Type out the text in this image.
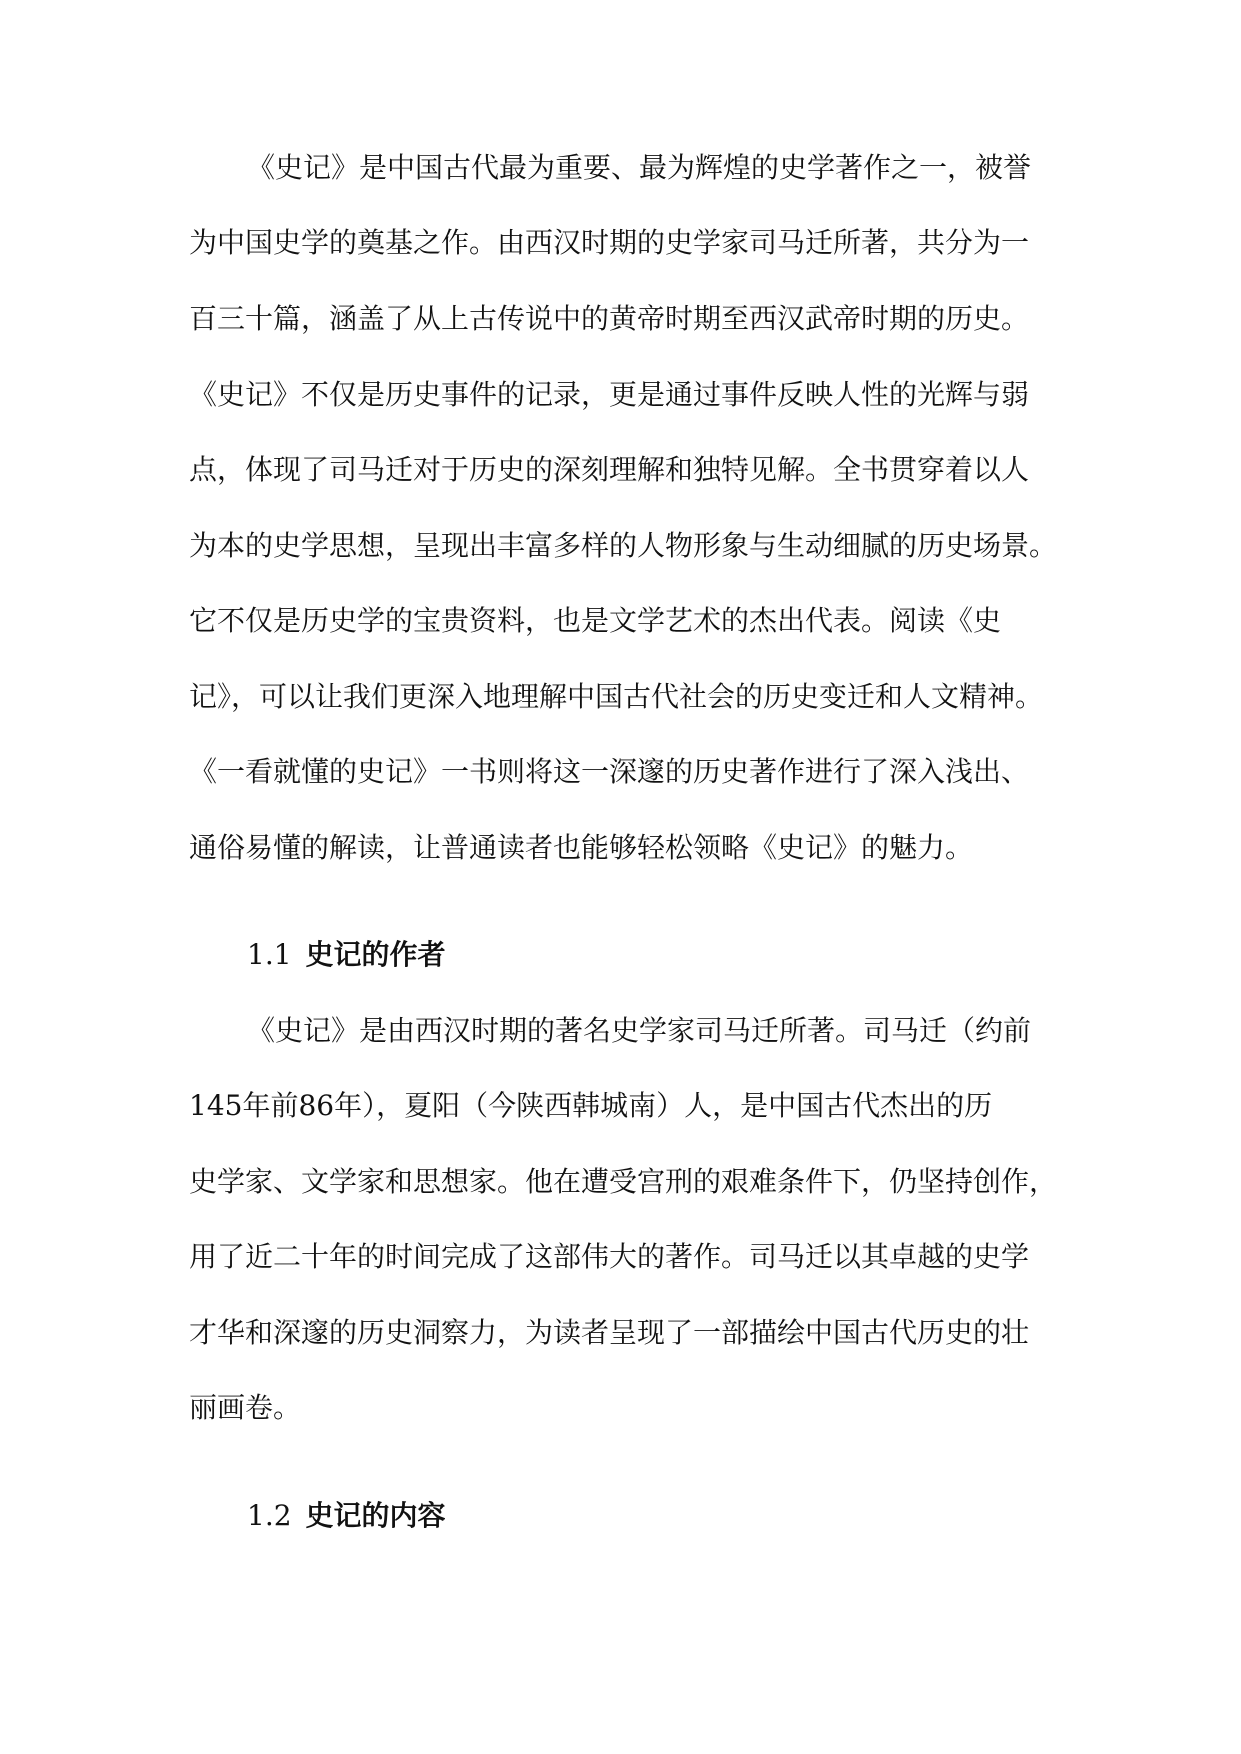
《史记》是中国古代最为重要、最为辉煌的史学著作之一，被誉
为中国史学的奠基之作。由西汉时期的史学家司马迁所著，共分为一
百三十篇，涵盖了从上古传说中的黄帝时期至西汉武帝时期的历史。
《史记》不仅是历史事件的记录，更是通过事件反映人性的光辉与弱
点，体现了司马迁对于历史的深刻理解和独特见解。全书贯穿着以人
为本的史学思想，呈现出丰富多样的人物形象与生动细腻的历史场景。
它不仅是历史学的宝贵资料，也是文学艺术的杰出代表。阅读《史
记》，可以让我们更深入地理解中国古代社会的历史变迁和人文精神。
《一看就懂的史记》一书则将这一深邃的历史著作进行了深入浅出、
通俗易懂的解读，让普通读者也能够轻松领略《史记》的魅力。
1.1 史记的作者
《史记》是由西汉时期的著名史学家司马迁所著。司马迁（约前
145年前86年），夏阳（今陕西韩城南）人，是中国古代杰出的历
史学家、文学家和思想家。他在遭受宫刑的艰难条件下，仍坚持创作，
用了近二十年的时间完成了这部伟大的著作。司马迁以其卓越的史学
才华和深邃的历史洞察力，为读者呈现了一部描绘中国古代历史的壮
丽画卷。
1.2 史记的内容
